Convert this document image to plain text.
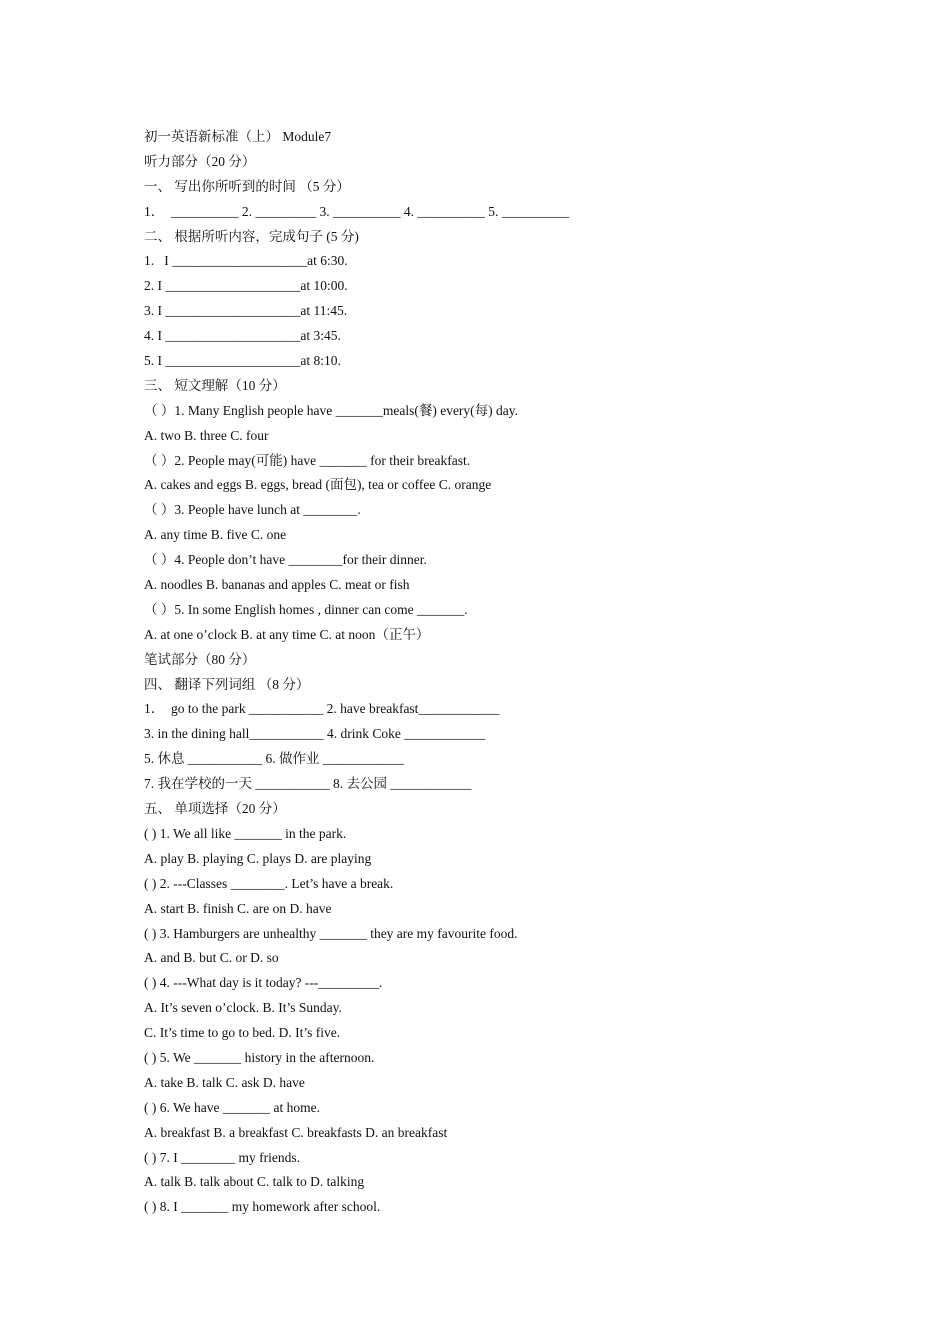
初一英语新标准（上） Module7
听力部分（20 分）
一、 写出你所听到的时间 （5 分）
1．  __________ 2. _________ 3. __________ 4. __________ 5. __________
二、 根据所听内容，完成句子 (5 分)
1.   I ____________________at 6:30.
2. I ____________________at 10:00.
3. I ____________________at 11:45.
4. I ____________________at 3:45.
5. I ____________________at 8:10.
三、 短文理解（10 分）
（ ）1. Many English people have _______meals(餐) every(每) day.
A. two B. three C. four
（ ）2. People may(可能) have _______ for their breakfast.
A. cakes and eggs B. eggs, bread (面包), tea or coffee C. orange
（ ）3. People have lunch at ________.
A. any time B. five C. one
（ ）4. People don’t have ________for their dinner.
A. noodles B. bananas and apples C. meat or fish
（ ）5. In some English homes , dinner can come _______.
A. at one o’clock B. at any time C. at noon（正午）
笔试部分（80 分）
四、 翻译下列词组 （8 分）
1．  go to the park ___________ 2. have breakfast____________
3. in the dining hall___________ 4. drink Coke ____________
5. 休息 ___________ 6. 做作业 ____________
7. 我在学校的一天 ___________ 8. 去公园 ____________
五、 单项选择（20 分）
( ) 1. We all like _______ in the park.
A. play B. playing C. plays D. are playing
( ) 2. ---Classes ________. Let’s have a break.
A. start B. finish C. are on D. have
( ) 3. Hamburgers are unhealthy _______ they are my favourite food.
A. and B. but C. or D. so
( ) 4. ---What day is it today? ---_________.
A. It’s seven o’clock. B. It’s Sunday.
C. It’s time to go to bed. D. It’s five.
( ) 5. We _______ history in the afternoon.
A. take B. talk C. ask D. have
( ) 6. We have _______ at home.
A. breakfast B. a breakfast C. breakfasts D. an breakfast
( ) 7. I ________ my friends.
A. talk B. talk about C. talk to D. talking
( ) 8. I _______ my homework after school.
